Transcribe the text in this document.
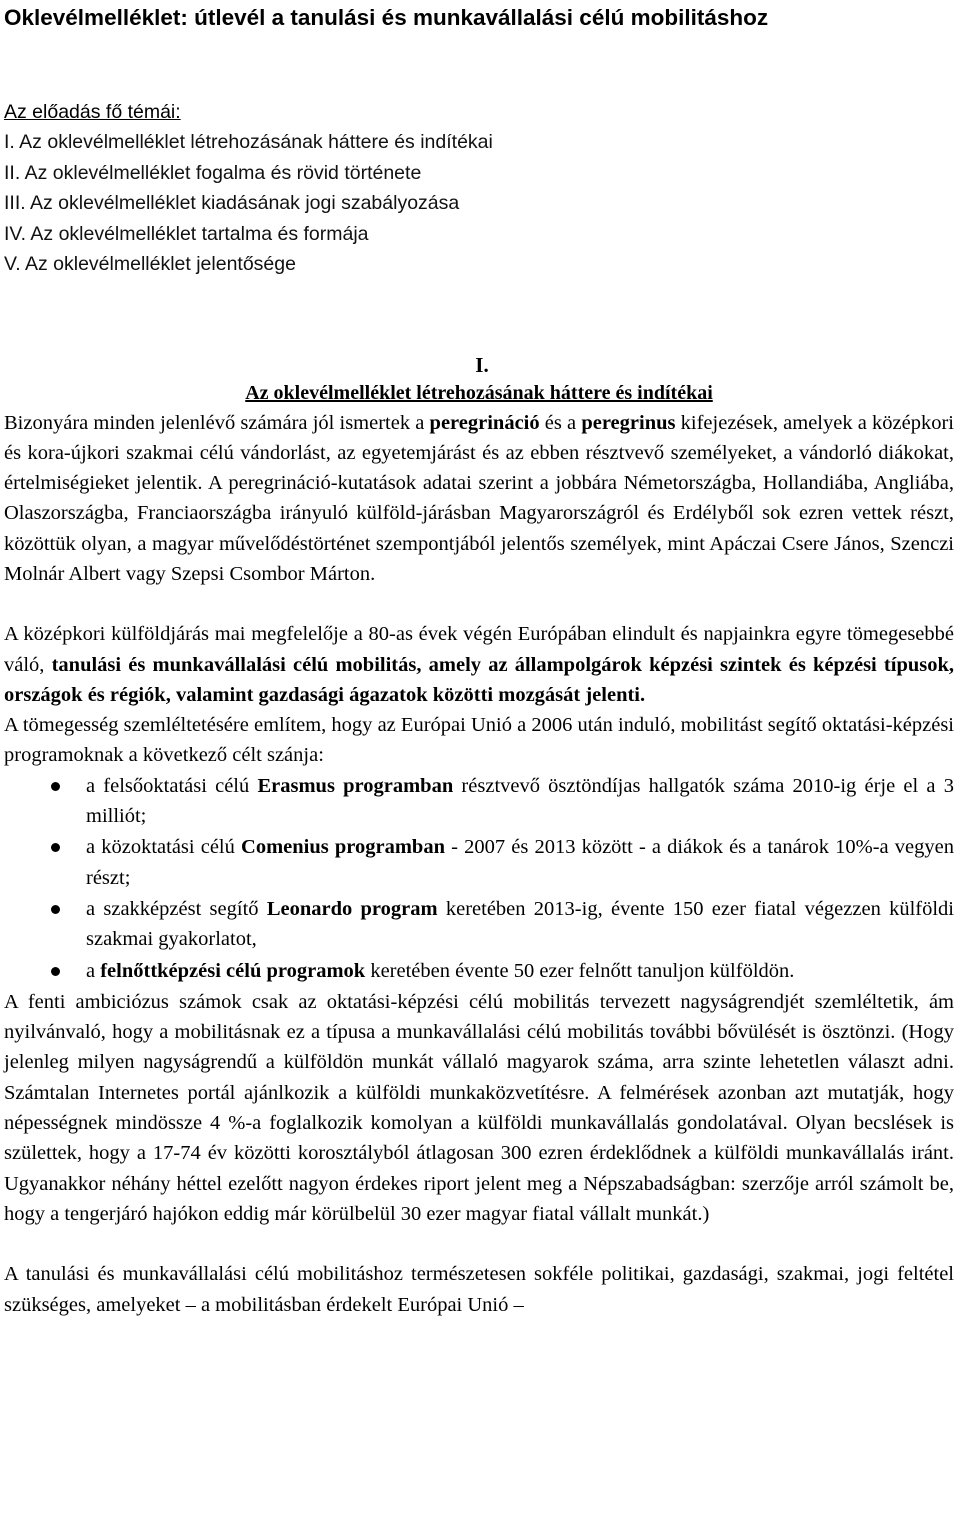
Oklevélmelléklet: útlevél a tanulási és munkavállalási célú mobilitáshoz
Az előadás fő témái:
I. Az oklevélmelléklet létrehozásának háttere és indítékai
II. Az oklevélmelléklet fogalma és rövid története
III. Az oklevélmelléklet kiadásának jogi szabályozása
IV. Az oklevélmelléklet tartalma és formája
V. Az oklevélmelléklet jelentősége
I.
Az oklevélmelléklet létrehozásának háttere és indítékai

Bizonyára minden jelenlévő számára jól ismertek a peregrináció és a peregrinus kifejezések, amelyek a középkori és kora-újkori szakmai célú vándorlást, az egyetemjárást és az ebben résztvevő személyeket, a vándorló diákokat, értelmiségieket jelentik. A peregrináció-kutatások adatai szerint a jobbára Németországba, Hollandiába, Angliába, Olaszországba, Franciaországba irányuló külföld-járásban Magyarországról és Erdélyből sok ezren vettek részt, közöttük olyan, a magyar művelődéstörténet szempontjából jelentős személyek, mint Apáczai Csere János, Szenczi Molnár Albert vagy Szepsi Csombor Márton.

A középkori külföldjárás mai megfelelője a 80-as évek végén Európában elindult és napjainkra egyre tömegesebbé váló, tanulási és munkavállalási célú mobilitás, amely az állampolgárok képzési szintek és képzési típusok, országok és régiók, valamint gazdasági ágazatok közötti mozgását jelenti.

A tömegesség szemléltetésére említem, hogy az Európai Unió a 2006 után induló, mobilitást segítő oktatási-képzési programoknak a következő célt szánja:

a felsőoktatási célú Erasmus programban résztvevő ösztöndíjas hallgatók száma 2010-ig érje el a 3 milliót;
a közoktatási célú Comenius programban - 2007 és 2013 között - a diákok és a tanárok 10%-a vegyen részt;
a szakképzést segítő Leonardo program keretében 2013-ig, évente 150 ezer fiatal végezzen külföldi szakmai gyakorlatot,
a felnőttképzési célú programok keretében évente 50 ezer felnőtt tanuljon külföldön.

A fenti ambiciózus számok csak az oktatási-képzési célú mobilitás tervezett nagyságrendjét szemléltetik, ám nyilvánvaló, hogy a mobilitásnak ez a típusa a munkavállalási célú mobilitás további bővülését is ösztönzi. (Hogy jelenleg milyen nagyságrendű a külföldön munkát vállaló magyarok száma, arra szinte lehetetlen választ adni. Számtalan Internetes portál ajánlkozik a külföldi munkaközvetítésre. A felmérések azonban azt mutatják, hogy népességnek mindössze 4 %-a foglalkozik komolyan a külföldi munkavállalás gondolatával. Olyan becslések is születtek, hogy a 17-74 év közötti korosztályból átlagosan 300 ezren érdeklődnek a külföldi munkavállalás iránt. Ugyanakkor néhány héttel ezelőtt nagyon érdekes riport jelent meg a Népszabadságban: szerzője arról számolt be, hogy a tengerjáró hajókon eddig már körülbelül 30 ezer magyar fiatal vállalt munkát.)

A tanulási és munkavállalási célú mobilitáshoz természetesen sokféle politikai, gazdasági, szakmai, jogi feltétel szükséges, amelyeket – a mobilitásban érdekelt Európai Unió –
